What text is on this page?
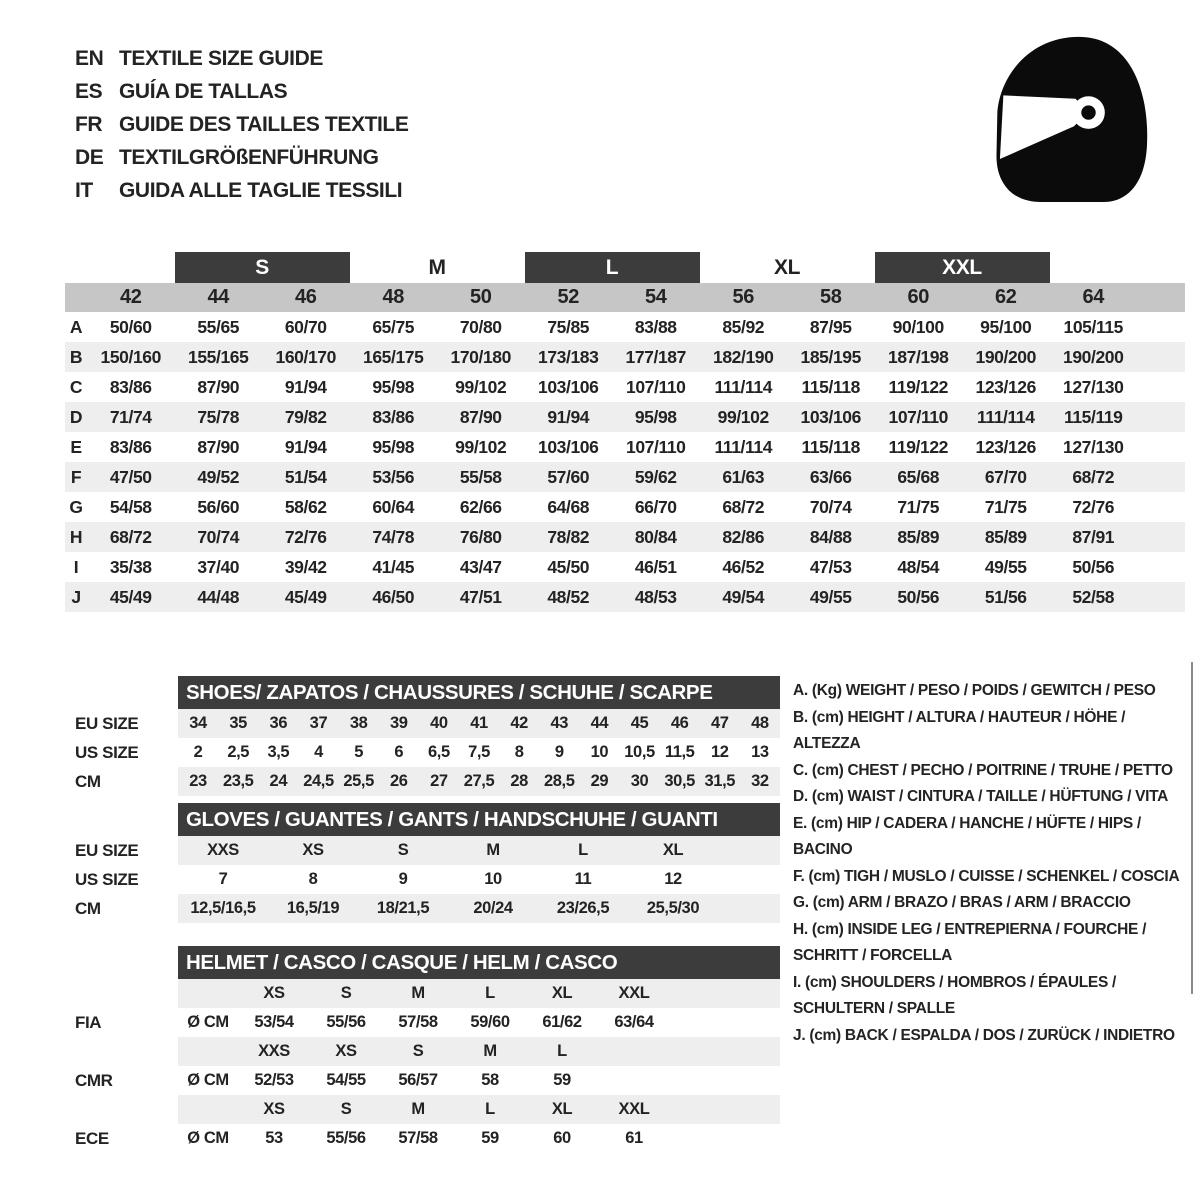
EN TEXTILE SIZE GUIDE
ES GUÍA DE TALLAS
FR GUIDE DES TAILLES TEXTILE
DE TEXTILGRÖßENFÜHRUNG
IT	GUIDA ALLE TAGLIE TESSILI
S	M	L	XL	XXL
42	44	46	48	50	52	54	56	58	60	62	64
A	50/60	55/65	60/70	65/75	70/80	75/85	83/88	85/92	87/95	90/100	95/100	105/115
B	150/160	155/165	160/170	165/175	170/180	173/183	177/187	182/190	185/195	187/198	190/200	190/200
C	83/86	87/90	91/94	95/98	99/102	103/106	107/110	111/114	115/118	119/122	123/126	127/130
D	71/74	75/78	79/82	83/86	87/90	91/94	95/98	99/102	103/106	107/110	111/114	115/119
E	83/86	87/90	91/94	95/98	99/102	103/106	107/110	111/114	115/118	119/122	123/126	127/130
F	47/50	49/52	51/54	53/56	55/58	57/60	59/62	61/63	63/66	65/68	67/70	68/72
G	54/58	56/60	58/62	60/64	62/66	64/68	66/70	68/72	70/74	71/75	71/75	72/76
H	68/72	70/74	72/76	74/78	76/80	78/82	80/84	82/86	84/88	85/89	85/89	87/91
I	35/38	37/40	39/42	41/45	43/47	45/50	46/51	46/52	47/53	48/54	49/55	50/56
J	45/49	44/48	45/49	46/50	47/51	48/52	48/53	49/54	49/55	50/56	51/56	52/58
SHOES/ ZAPATOS / CHAUSSURES / SCHUHE / SCARPE
EU SIZE	34	35	36	37	38	39	40	41	42	43	44	45	46	47	48
US SIZE	2	2,5	3,5	4	5	6	6,5	7,5	8	9	10 10,5 11,5	12	13
CM	23 23,5 24 24,5 25,5 26	27 27,5 28 28,5 29	30 30,5 31,5 32
GLOVES / GUANTES / GANTS / HANDSCHUHE / GUANTI
EU SIZE	XXS	XS	S	M	L	XL
US SIZE	7	8	9	10	11	12
CM	12,5/16,5	16,5/19	18/21,5	20/24	23/26,5	25,5/30
HELMET / CASCO / CASQUE / HELM / CASCO
XS	S	M	L	XL	XXL
FIA	Ø CM	53/54	55/56	57/58	59/60	61/62	63/64
XXS	XS	S	M	L
CMR	Ø CM	52/53	54/55	56/57	58	59
XS	S	M	L	XL	XXL
ECE	Ø CM	53	55/56	57/58	59	60	61
A. (Kg) WEIGHT / PESO / POIDS / GEWITCH / PESO
B. (cm) HEIGHT / ALTURA / HAUTEUR / HÖHE / ALTEZZA
C. (cm) CHEST / PECHO / POITRINE / TRUHE / PETTO
D. (cm) WAIST / CINTURA / TAILLE / HÜFTUNG / VITA
E. (cm) HIP / CADERA / HANCHE / HÜFTE / HIPS / BACINO
F. (cm) TIGH / MUSLO / CUISSE / SCHENKEL / COSCIA
G. (cm) ARM / BRAZO / BRAS / ARM / BRACCIO
H. (cm) INSIDE LEG / ENTREPIERNA / FOURCHE / SCHRITT / FORCELLA
I. (cm) SHOULDERS / HOMBROS / ÉPAULES / SCHULTERN / SPALLE
J. (cm) BACK / ESPALDA / DOS / ZURÜCK / INDIETRO
